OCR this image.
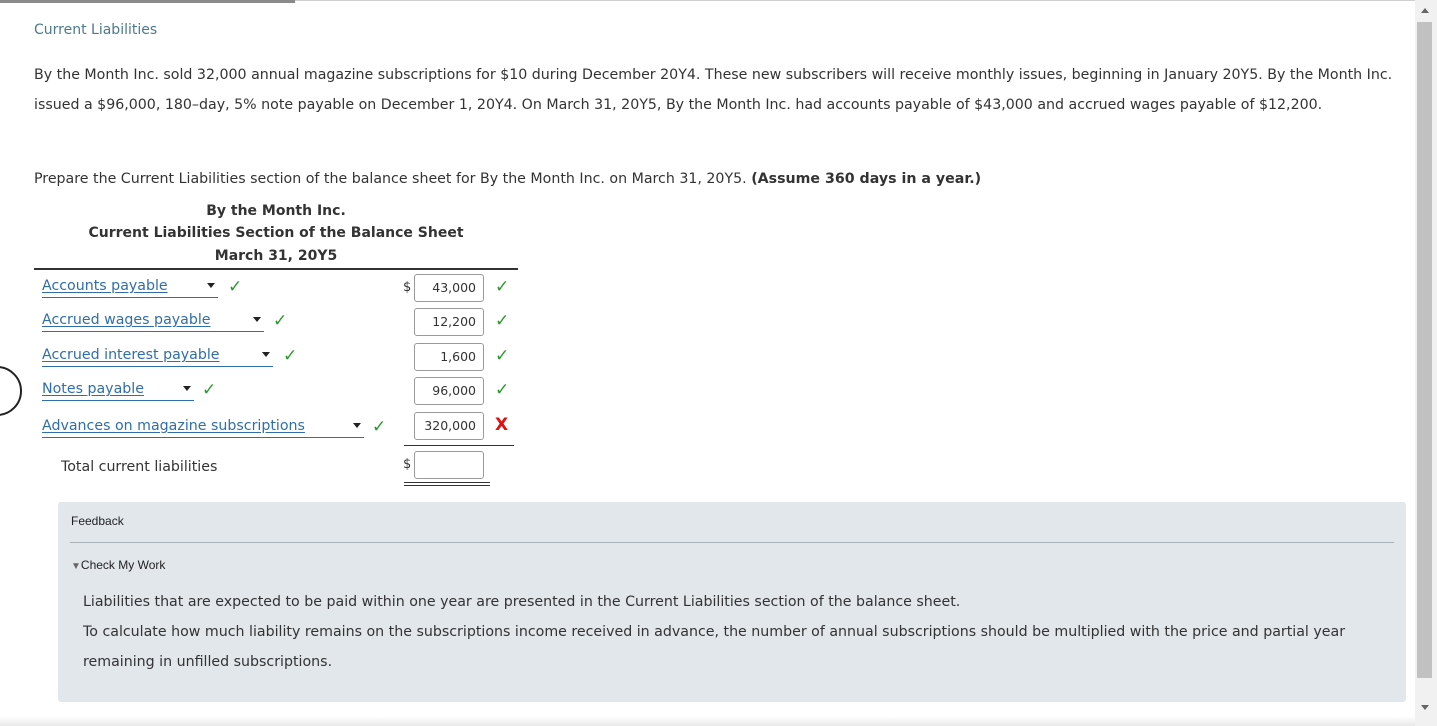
Current Liabilities
By the Month Inc. sold 32,000 annual magazine subscriptions for $10 during December 20Y4. These new subscribers will receive monthly issues, beginning in January 20Y5. By the Month Inc. issued a $96,000, 180–day, 5% note payable on December 1, 20Y4. On March 31, 20Y5, By the Month Inc. had accounts payable of $43,000 and accrued wages payable of $12,200.
Prepare the Current Liabilities section of the balance sheet for By the Month Inc. on March 31, 20Y5. (Assume 360 days in a year.)
By the Month Inc.
Current Liabilities Section of the Balance Sheet
March 31, 20Y5
Accounts payable	✓	$	43,000	✓
Accrued wages payable	✓	12,200	✓
Accrued interest payable	✓	1,600	✓
Notes payable	✓	96,000	✓
Advances on magazine subscriptions	✓	320,000	X
Total current liabilities	$
Feedback
▼Check My Work
Liabilities that are expected to be paid within one year are presented in the Current Liabilities section of the balance sheet.
To calculate how much liability remains on the subscriptions income received in advance, the number of annual subscriptions should be multiplied with the price and partial year remaining in unfilled subscriptions.
